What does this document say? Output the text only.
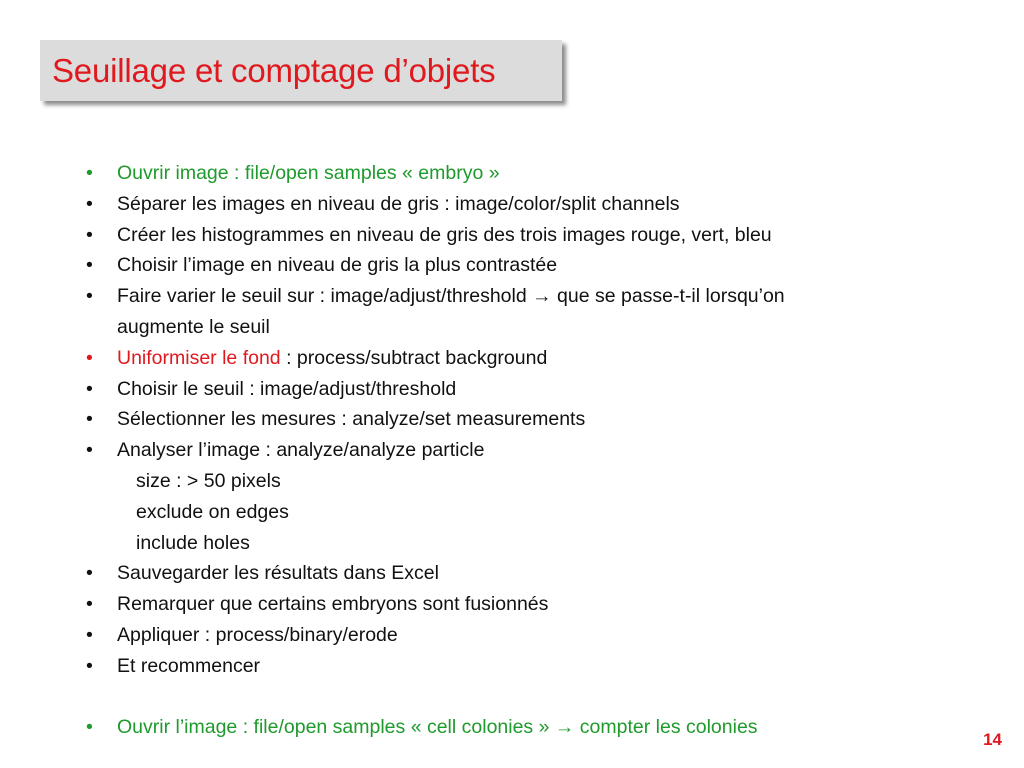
Seuillage et comptage d’objets
• Ouvrir image : file/open samples « embryo »
• Séparer les images en niveau de gris : image/color/split channels
• Créer les histogrammes en niveau de gris des trois images rouge, vert, bleu
• Choisir l’image en niveau de gris la plus contrastée
• Faire varier le seuil sur : image/adjust/threshold → que se passe-t-il lorsqu’on
augmente le seuil
• Uniformiser le fond : process/subtract background
• Choisir le seuil : image/adjust/threshold
• Sélectionner les mesures : analyze/set measurements
• Analyser l’image : analyze/analyze particle
size : > 50 pixels
exclude on edges
include holes
• Sauvegarder les résultats dans Excel
• Remarquer que certains embryons sont fusionnés
• Appliquer : process/binary/erode
• Et recommencer
• Ouvrir l’image : file/open samples « cell colonies » → compter les colonies
14
